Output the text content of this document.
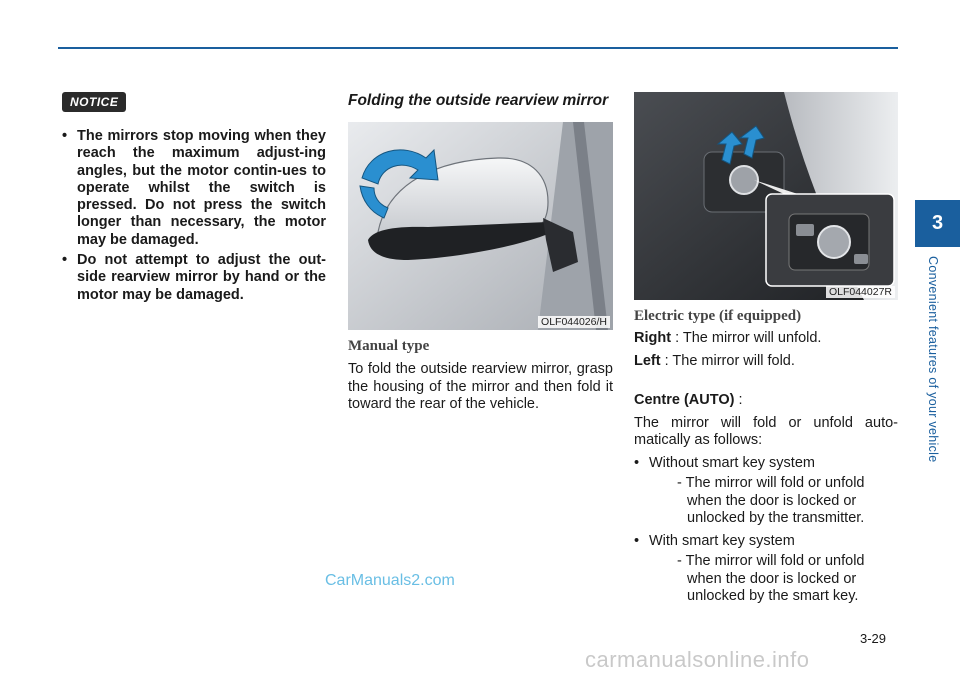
NOTICE
• The mirrors stop moving when they reach the maximum adjust-ing angles, but the motor contin-ues to operate whilst the switch is pressed. Do not press the switch longer than necessary, the motor may be damaged.
• Do not attempt to adjust the out-side rearview mirror by hand or the motor may be damaged.
Folding the outside rearview mirror
OLF044026/H
Manual type
To fold the outside rearview mirror, grasp the housing of the mirror and then fold it toward the rear of the vehicle.
OLF044027R
Electric type (if equipped)
Right : The mirror will unfold.
Left : The mirror will fold.
Centre (AUTO) :
The mirror will fold or unfold auto-matically as follows:
• Without smart key system
- The mirror will fold or unfold when the door is locked or unlocked by the transmitter.
• With smart key system
- The mirror will fold or unfold when the door is locked or unlocked by the smart key.
3
Convenient features of your vehicle
3-29
CarManuals2.com
carmanualsonline.info
